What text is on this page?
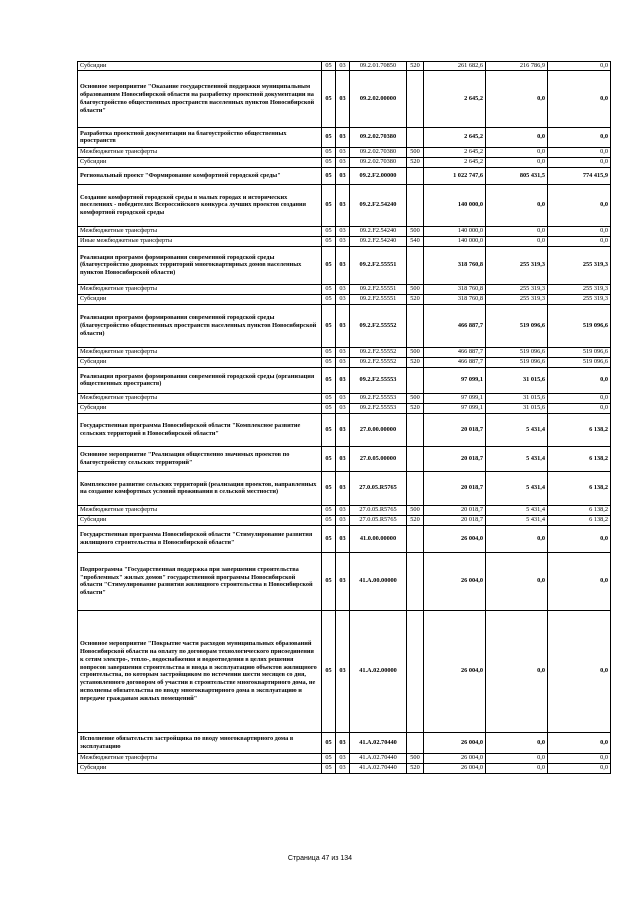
Субсидии	05	03	09.2.01.70850	520	261 682,6	216 786,9	0,0
Основное мероприятие "Оказание государственной поддержки муниципальным образованиям Новосибирской области на разработку проектной документации на благоустройство общественных пространств населенных пунктов Новосибирской области"	05	03	09.2.02.00000		2 645,2	0,0	0,0
Разработка проектной документации на благоустройство общественных пространств	05	03	09.2.02.70380		2 645,2	0,0	0,0
Межбюджетные трансферты	05	03	09.2.02.70380	500	2 645,2	0,0	0,0
Субсидии	05	03	09.2.02.70380	520	2 645,2	0,0	0,0
Региональный проект "Формирование комфортной городской среды"	05	03	09.2.F2.00000		1 022 747,6	805 431,5	774 415,9
Создание комфортной городской среды в малых городах и исторических поселениях - победителях Всероссийского конкурса лучших проектов создания комфортной городской среды	05	03	09.2.F2.54240		140 000,0	0,0	0,0
Межбюджетные трансферты	05	03	09.2.F2.54240	500	140 000,0	0,0	0,0
Иные межбюджетные трансферты	05	03	09.2.F2.54240	540	140 000,0	0,0	0,0
Реализация программ формирования современной городской среды (благоустройство дворовых территорий многоквартирных домов населенных пунктов Новосибирской области)	05	03	09.2.F2.55551		318 760,8	255 319,3	255 319,3
Межбюджетные трансферты	05	03	09.2.F2.55551	500	318 760,8	255 319,3	255 319,3
Субсидии	05	03	09.2.F2.55551	520	318 760,8	255 319,3	255 319,3
Реализация программ формирования современной городской среды (благоустройство общественных пространств населенных пунктов Новосибирской области)	05	03	09.2.F2.55552		466 887,7	519 096,6	519 096,6
Межбюджетные трансферты	05	03	09.2.F2.55552	500	466 887,7	519 096,6	519 096,6
Субсидии	05	03	09.2.F2.55552	520	466 887,7	519 096,6	519 096,6
Реализация программ формирования современной городской среды (организация общественных пространств)	05	03	09.2.F2.55553		97 099,1	31 015,6	0,0
Межбюджетные трансферты	05	03	09.2.F2.55553	500	97 099,1	31 015,6	0,0
Субсидии	05	03	09.2.F2.55553	520	97 099,1	31 015,6	0,0
Государственная программа Новосибирской области "Комплексное развитие сельских территорий в Новосибирской области"	05	03	27.0.00.00000		20 018,7	5 431,4	6 138,2
Основное мероприятие "Реализация общественно значимых проектов по благоустройству сельских территорий"	05	03	27.0.05.00000		20 018,7	5 431,4	6 138,2
Комплексное развитие сельских территорий (реализация проектов, направленных на создание комфортных условий проживания в сельской местности)	05	03	27.0.05.R5765		20 018,7	5 431,4	6 138,2
Межбюджетные трансферты	05	03	27.0.05.R5765	500	20 018,7	5 431,4	6 138,2
Субсидии	05	03	27.0.05.R5765	520	20 018,7	5 431,4	6 138,2
Государственная программа Новосибирской области "Стимулирование развития жилищного строительства в Новосибирской области"	05	03	41.0.00.00000		26 004,0	0,0	0,0
Подпрограмма "Государственная поддержка при завершении строительства "проблемных" жилых домов" государственной программы Новосибирской области "Стимулирование развития жилищного строительства в Новосибирской области"	05	03	41.А.00.00000		26 004,0	0,0	0,0
Основное мероприятие "Покрытие части расходов муниципальных образований Новосибирской области на оплату по договорам технологического присоединения к сетям электро-, тепло-, водоснабжения и водоотведения в целях решения вопросов завершения строительства и ввода в эксплуатацию объектов жилищного строительства, по которым застройщиком по истечении шести месяцев со дня, установленного договором об участии в строительстве многоквартирного дома, не исполнены обязательства по вводу многоквартирного дома в эксплуатацию и передаче гражданам жилых помещений"	05	03	41.А.02.00000		26 004,0	0,0	0,0
Исполнение обязательств застройщика по вводу многоквартирного дома в эксплуатацию	05	03	41.А.02.70440		26 004,0	0,0	0,0
Межбюджетные трансферты	05	03	41.А.02.70440	500	26 004,0	0,0	0,0
Субсидии	05	03	41.А.02.70440	520	26 004,0	0,0	0,0
Страница 47 из 134
